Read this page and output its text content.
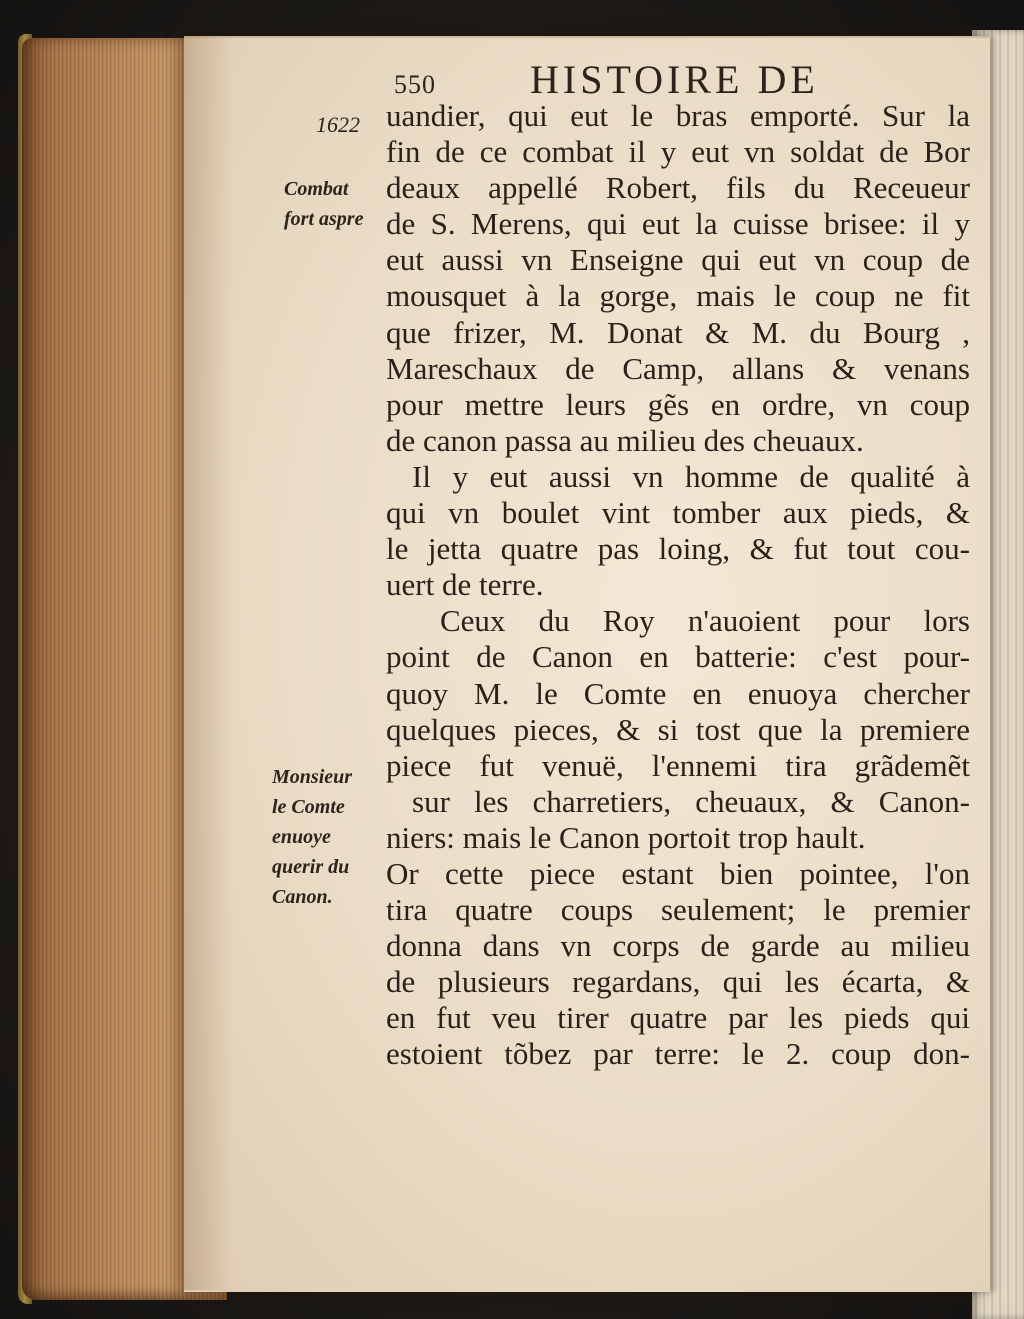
550 HISTOIRE DE
1622
Combat
fort aspre
Monsieur
le Comte
enuoye
querir du
Canon.
uandier, qui eut le bras emporté. Sur la
fin de ce combat il y eut vn soldat de Bor
deaux appellé Robert, fils du Receueur
de S. Merens, qui eut la cuisse brisee: il y
eut aussi vn Enseigne qui eut vn coup de
mousquet à la gorge, mais le coup ne fit
que frizer, M. Donat & M. du Bourg ,
Mareschaux de Camp, allans & venans
pour mettre leurs gẽs en ordre, vn coup
de canon passa au milieu des cheuaux.
Il y eut aussi vn homme de qualité à
qui vn boulet vint tomber aux pieds, &
le jetta quatre pas loing, & fut tout cou-
uert de terre.
Ceux du Roy n'auoient pour lors
point de Canon en batterie: c'est pour-
quoy M. le Comte en enuoya chercher
quelques pieces, & si tost que la premiere
piece fut venuë, l'ennemi tira grãdemẽt
sur les charretiers, cheuaux, & Canon-
niers: mais le Canon portoit trop hault.
Or cette piece estant bien pointee, l'on
tira quatre coups seulement; le premier
donna dans vn corps de garde au milieu
de plusieurs regardans, qui les écarta, &
en fut veu tirer quatre par les pieds qui
estoient tõbez par terre: le 2. coup don-
